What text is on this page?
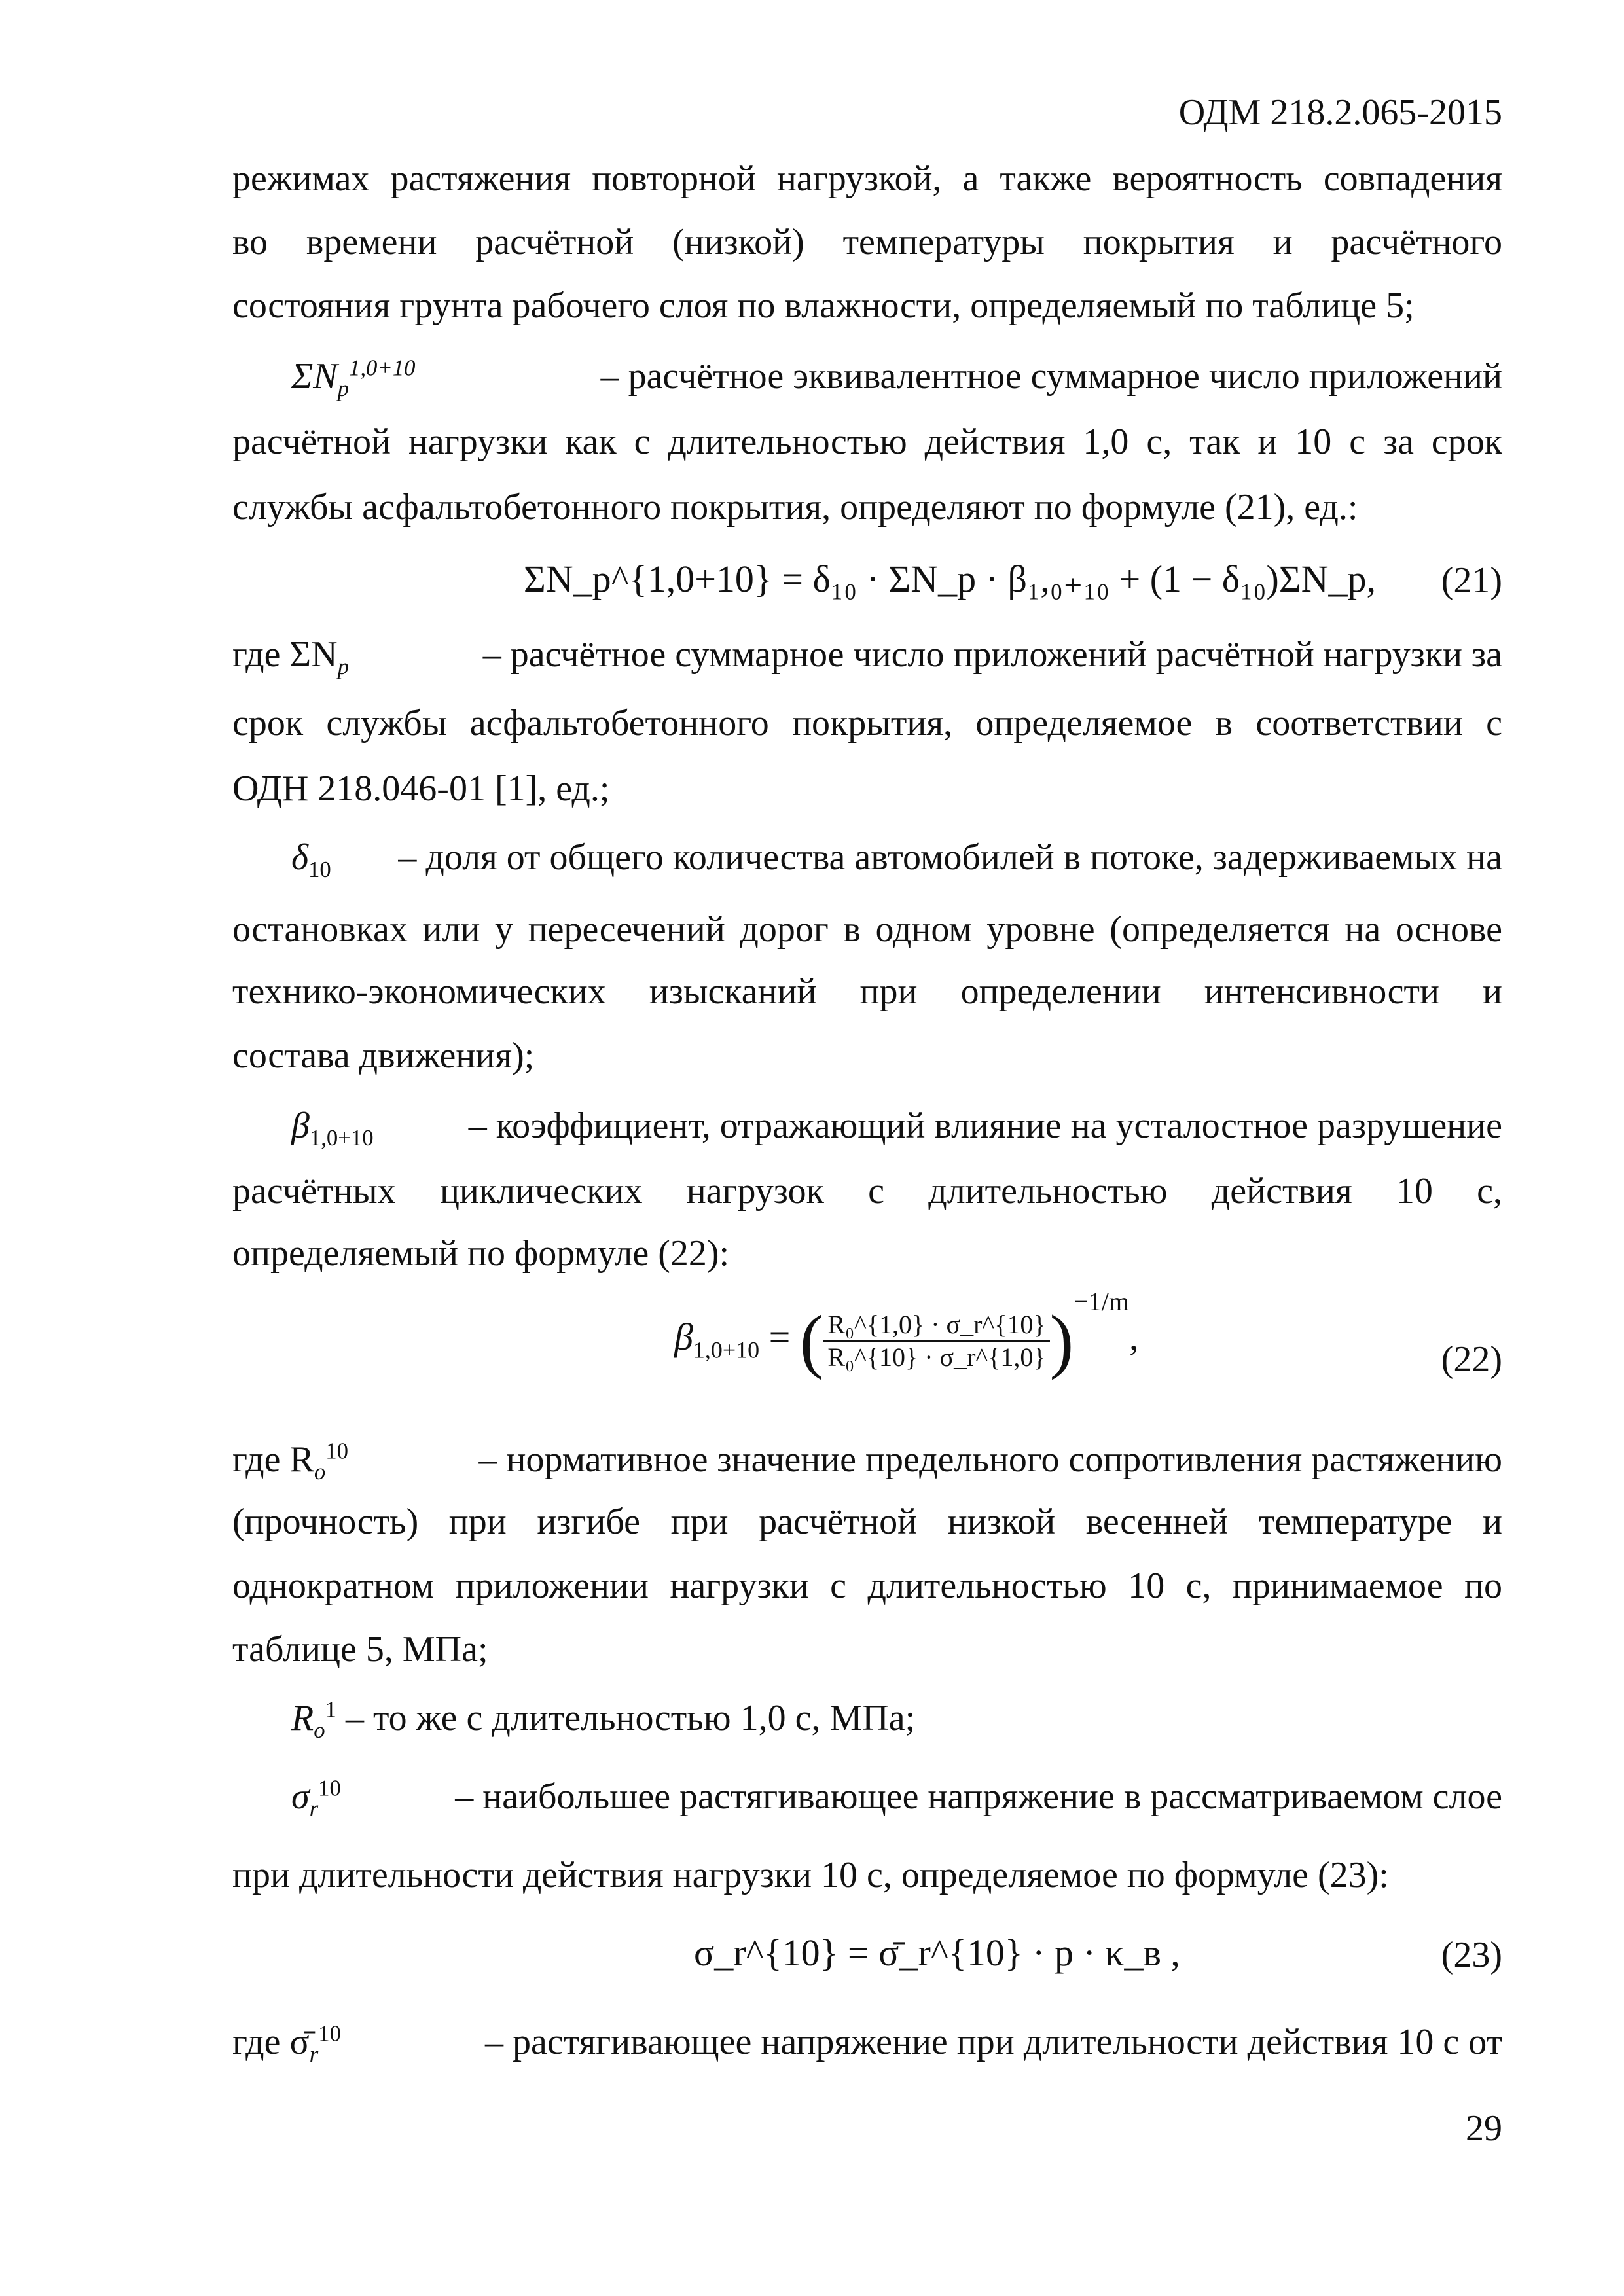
ОДМ 218.2.065-2015
режимах растяжения повторной нагрузкой, а также вероятность совпадения
во времени расчётной (низкой) температуры покрытия и расчётного
состояния грунта рабочего слоя по влажности, определяемый по таблице 5;
$\Sigma N_p^{1,0+10}$	– расчётное эквивалентное суммарное число приложений
расчётной нагрузки как с длительностью действия 1,0 с, так и 10 с за срок
службы асфальтобетонного покрытия, определяют по формуле (21), ед.:
ΣN_p^{1,0+10} = δ₁₀ · ΣN_p · β₁,₀₊₁₀ + (1 − δ₁₀)ΣN_p, (21)
где $\Sigma N_p$	– расчётное суммарное число приложений расчётной нагрузки за
срок службы асфальтобетонного покрытия, определяемое в соответствии с
ОДН 218.046-01 [1], ед.;
$\delta_{10}$ – доля от общего количества автомобилей в потоке, задерживаемых на
остановках или у пересечений дорог в одном уровне (определяется на основе
технико-экономических изысканий при определении интенсивности и
состава движения);
$\beta_{1,0+10}$	– коэффициент, отражающий влияние на усталостное разрушение
расчётных циклических нагрузок с длительностью действия 10 с,
определяемый по формуле (22):
$\beta_{1,0+10}$ = ( $\frac{\text{R₀\textasciicircum{}\{1,0\} · σ\_r\textasciicircum{}\{10\}}}{\text{R₀\textasciicircum{}\{10\} · σ\_r\textasciicircum{}\{1,0\}}} )^{-1/m}$,
(22)
где $R_o^{10}$	– нормативное значение предельного сопротивления растяжению
(прочность) при изгибе при расчётной низкой весенней температуре и
однократном приложении нагрузки с длительностью 10 с, принимаемое по
таблице 5, МПа;
$R_o^1$ – то же с длительностью 1,0 с, МПа;
$\sigma_r^{10}$	– наибольшее растягивающее напряжение в рассматриваемом слое
при длительности действия нагрузки 10 с, определяемое по формуле (23):
σ_r^{10} = σ̄_r^{10} · p · κ_в ,	(23)
где $\sigmā_r^{10}$	– растягивающее напряжение при длительности действия 10 с от
29
